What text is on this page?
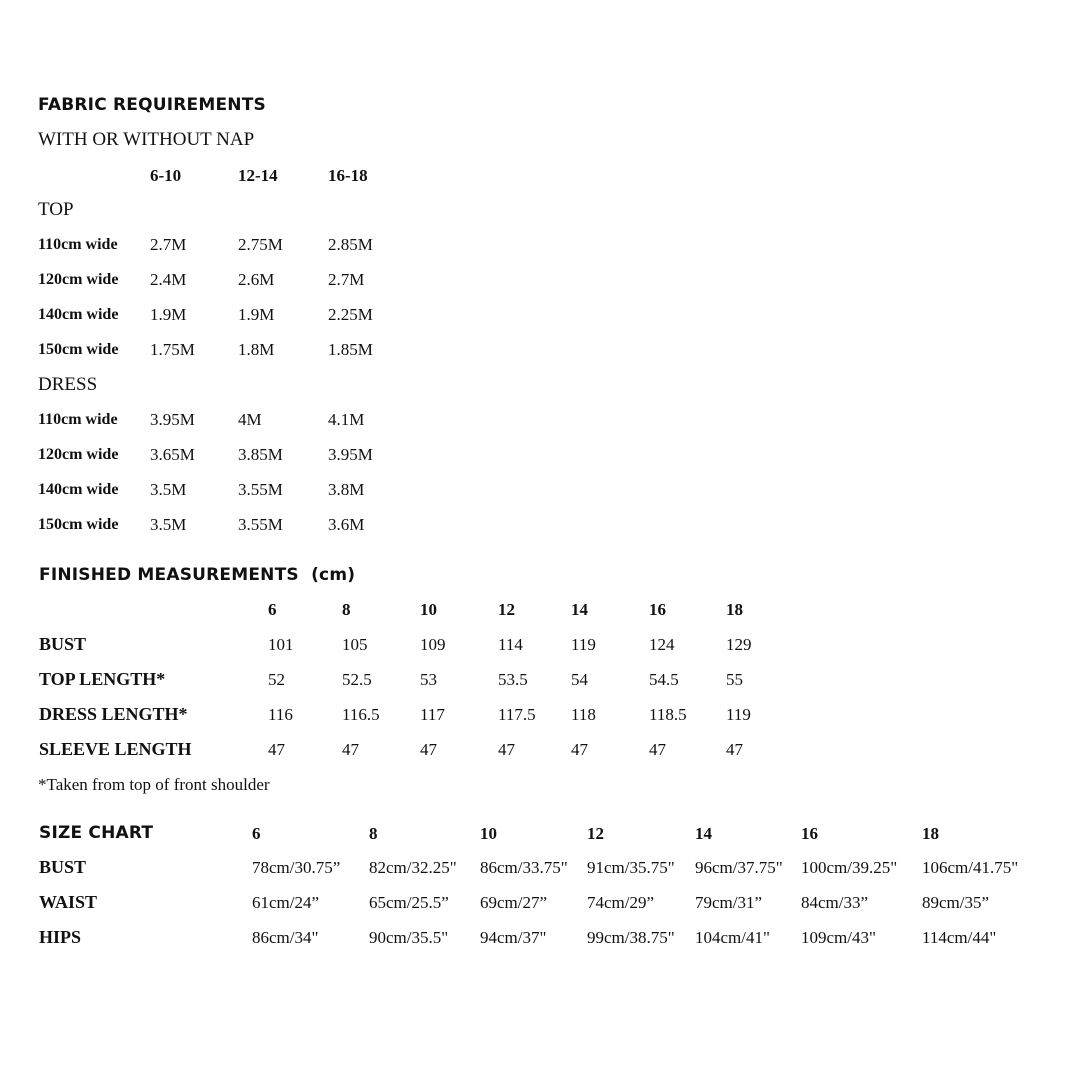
FABRIC REQUIREMENTS
WITH OR WITHOUT NAP
6-10	12-14	16-18
TOP
110cm wide 2.7M	2.75M	2.85M
120cm wide 2.4M	2.6M	2.7M
140cm wide 1.9M	1.9M	2.25M
150cm wide 1.75M	1.8M	1.85M
DRESS
110cm wide 3.95M	4M	4.1M
120cm wide 3.65M	3.85M	3.95M
140cm wide 3.5M	3.55M	3.8M
150cm wide 3.5M	3.55M	3.6M
FINISHED MEASUREMENTS  (cm)
6	8	10	12	14	16	18
BUST	101	105	109	114	119	124	129
TOP LENGTH*	52	52.5	53	53.5	54	54.5	55
DRESS LENGTH*	116	116.5 117	117.5 118	118.5 119
SLEEVE LENGTH	47	47	47	47	47	47	47
*Taken from top of front shoulder
SIZE CHART	6	8	10	12	14	16	18
BUST	78cm/30.75” 82cm/32.25" 86cm/33.75" 91cm/35.75" 96cm/37.75" 100cm/39.25" 106cm/41.75"
WAIST	61cm/24”	65cm/25.5” 69cm/27” 74cm/29” 79cm/31” 84cm/33”	89cm/35”
HIPS	86cm/34"	90cm/35.5" 94cm/37" 99cm/38.75" 104cm/41" 109cm/43"	114cm/44"
